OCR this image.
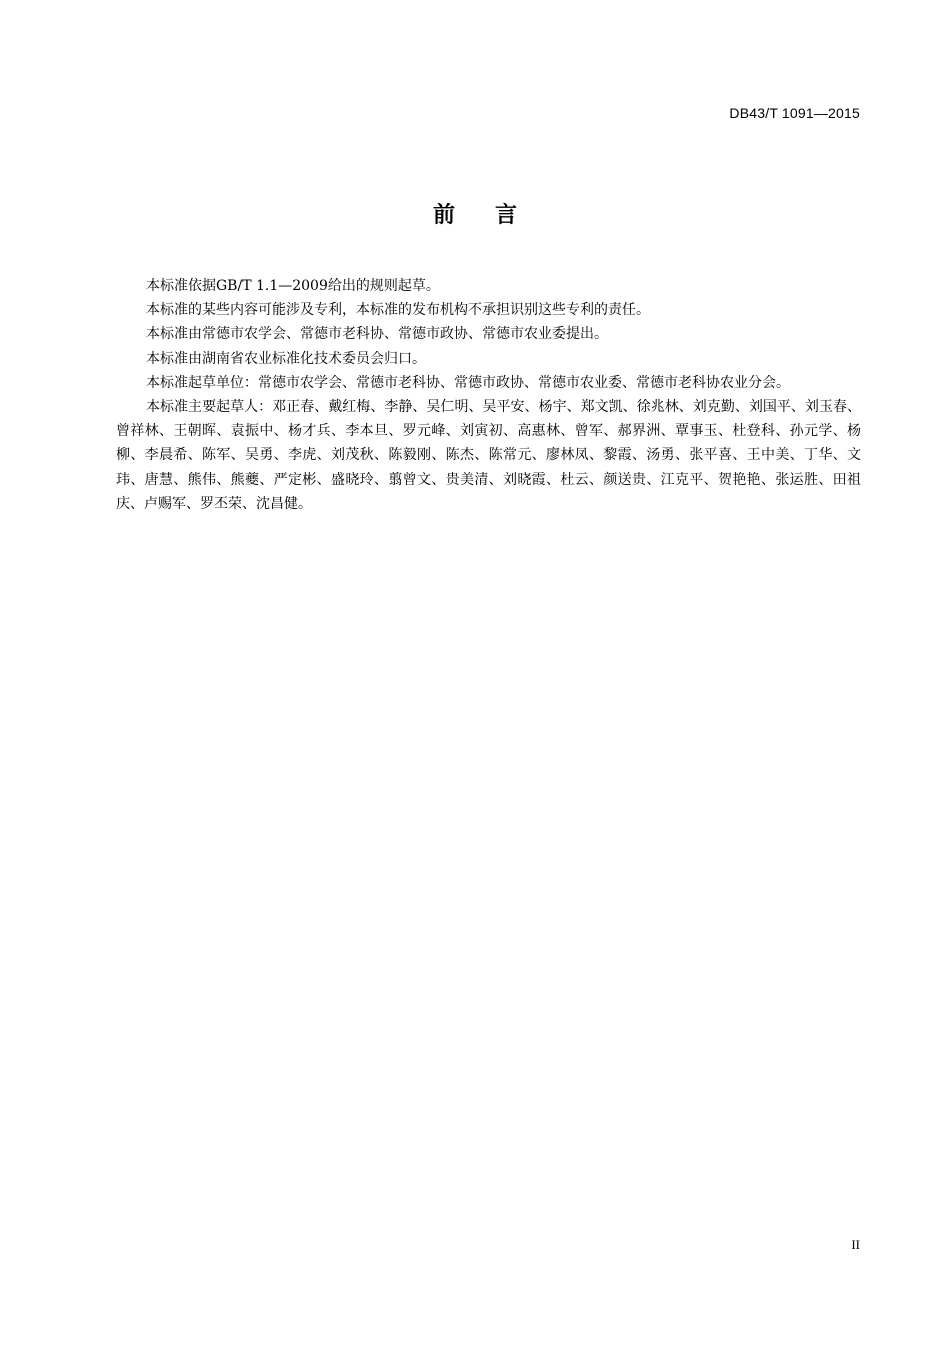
DB43/T 1091—2015
前 言

本标准依据GB/T 1.1—2009给出的规则起草。

本标准的某些内容可能涉及专利，本标准的发布机构不承担识别这些专利的责任。

本标准由常德市农学会、常德市老科协、常德市政协、常德市农业委提出。

本标准由湖南省农业标准化技术委员会归口。

本标准起草单位：常德市农学会、常德市老科协、常德市政协、常德市农业委、常德市老科协农业分会。

本标准主要起草人：邓正春、戴红梅、李静、吴仁明、吴平安、杨宇、郑文凯、徐兆林、刘克勤、刘国平、刘玉春、曾祥林、王朝晖、袁振中、杨才兵、李本旦、罗元峰、刘寅初、高惠林、曾军、郝界洲、覃事玉、杜登科、孙元学、杨柳、李晨希、陈军、吴勇、李虎、刘茂秋、陈毅刚、陈杰、陈常元、廖林凤、黎霞、汤勇、张平喜、王中美、丁华、文玮、唐慧、熊伟、熊夔、严定彬、盛晓玲、翦曾文、贵美清、刘晓霞、杜云、颜送贵、江克平、贺艳艳、张运胜、田祖庆、卢赐军、罗丕荣、沈昌健。

II
